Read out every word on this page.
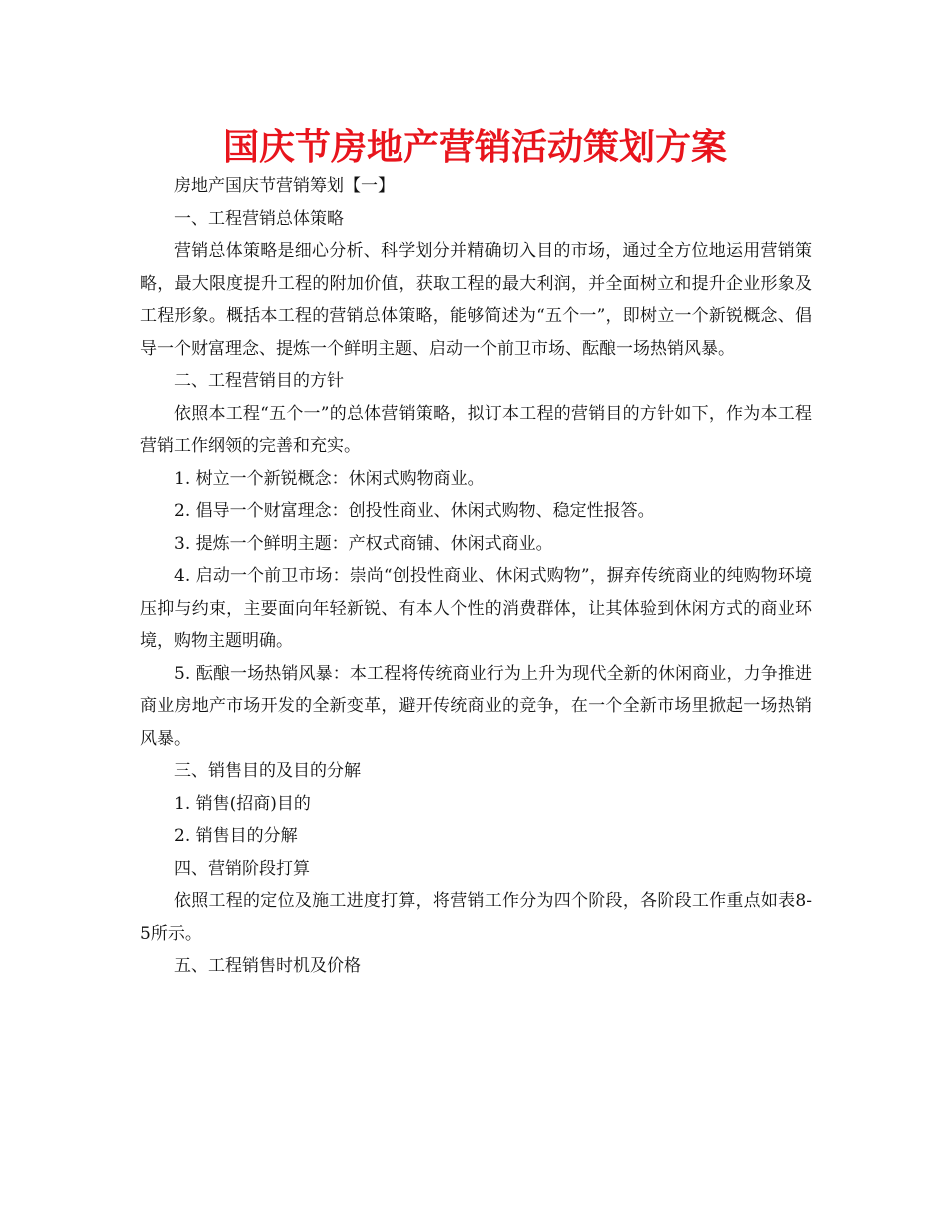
国庆节房地产营销活动策划方案

房地产国庆节营销筹划【一】

一、工程营销总体策略

营销总体策略是细心分析、科学划分并精确切入目的市场，通过全方位地运用营销策略，最大限度提升工程的附加价值，获取工程的最大利润，并全面树立和提升企业形象及工程形象。概括本工程的营销总体策略，能够简述为“五个一”，即树立一个新锐概念、倡导一个财富理念、提炼一个鲜明主题、启动一个前卫市场、酝酿一场热销风暴。

二、工程营销目的方针

依照本工程“五个一”的总体营销策略，拟订本工程的营销目的方针如下，作为本工程营销工作纲领的完善和充实。

1. 树立一个新锐概念：休闲式购物商业。

2. 倡导一个财富理念：创投性商业、休闲式购物、稳定性报答。

3. 提炼一个鲜明主题：产权式商铺、休闲式商业。

4. 启动一个前卫市场：崇尚“创投性商业、休闲式购物”，摒弃传统商业的纯购物环境压抑与约束，主要面向年轻新锐、有本人个性的消费群体，让其体验到休闲方式的商业环境，购物主题明确。

5. 酝酿一场热销风暴：本工程将传统商业行为上升为现代全新的休闲商业，力争推进商业房地产市场开发的全新变革，避开传统商业的竞争，在一个全新市场里掀起一场热销风暴。

三、销售目的及目的分解

1. 销售(招商)目的

2. 销售目的分解

四、营销阶段打算

依照工程的定位及施工进度打算，将营销工作分为四个阶段，各阶段工作重点如表8-5所示。

五、工程销售时机及价格
